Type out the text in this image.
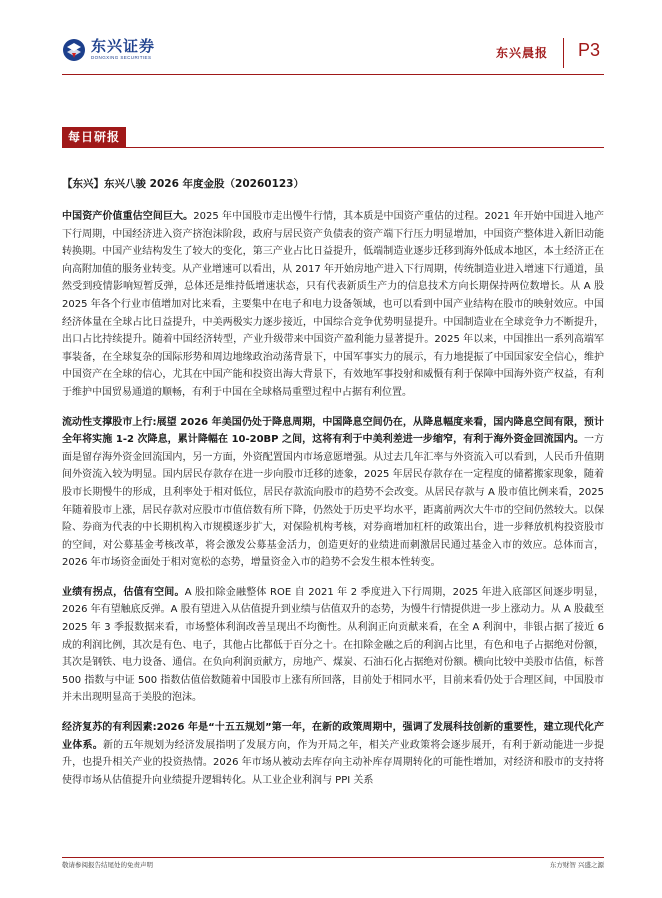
东兴证券
DONGXING SECURITIES	东兴晨报 P3
每日研报
【东兴】东兴八骏 2026 年度金股（20260123）

中国资产价值重估空间巨大。2025 年中国股市走出慢牛行情，其本质是中国资产重估的过程。2021 年开始中国进入地产下行周期，中国经济进入资产挤泡沫阶段，政府与居民资产负债表的资产端下行压力明显增加，中国资产整体进入新旧动能转换期。中国产业结构发生了较大的变化，第三产业占比日益提升，低端制造业逐步迁移到海外低成本地区，本土经济正在向高附加值的服务业转变。从产业增速可以看出，从 2017 年开始房地产进入下行周期，传统制造业进入增速下行通道，虽然受到疫情影响短暂反弹，总体还是维持低增速状态，只有代表新质生产力的信息技术方向长期保持两位数增长。从 A 股 2025 年各个行业市值增加对比来看，主要集中在电子和电力设备领域，也可以看到中国产业结构在股市的映射效应。中国经济体量在全球占比日益提升，中美两极实力逐步接近，中国综合竞争优势明显提升。中国制造业在全球竞争力不断提升，出口占比持续提升。随着中国经济转型，产业升级带来中国资产盈利能力显著提升。2025 年以来，中国推出一系列高端军事装备，在全球复杂的国际形势和周边地缘政治动荡背景下，中国军事实力的展示，有力地提振了中国国家安全信心，维护中国资产在全球的信心，尤其在中国产能和投资出海大背景下，有效地军事投射和威慑有利于保障中国海外资产权益，有利于维护中国贸易通道的顺畅，有利于中国在全球格局重塑过程中占据有利位置。

流动性支撑股市上行:展望 2026 年美国仍处于降息周期，中国降息空间仍在，从降息幅度来看，国内降息空间有限，预计全年将实施 1-2 次降息，累计降幅在 10-20BP 之间，这将有利于中美利差进一步缩窄，有利于海外资金回流国内。一方面是留存海外资金回流国内，另一方面，外资配置国内市场意愿增强。从过去几年汇率与外资流入可以看到，人民币升值期间外资流入较为明显。国内居民存款存在进一步向股市迁移的迹象，2025 年居民存款存在一定程度的储蓄搬家现象，随着股市长期慢牛的形成，且利率处于相对低位，居民存款流向股市的趋势不会改变。从居民存款与 A 股市值比例来看，2025 年随着股市上涨，居民存款对应股市市值倍数有所下降，仍然处于历史平均水平，距离前两次大牛市的空间仍然较大。以保险、券商为代表的中长期机构入市规模逐步扩大，对保险机构考核，对券商增加杠杆的政策出台，进一步释放机构投资股市的空间，对公募基金考核改革，将会激发公募基金活力，创造更好的业绩进而刺激居民通过基金入市的效应。总体而言，2026 年市场资金面处于相对宽松的态势，增量资金入市的趋势不会发生根本性转变。

业绩有拐点，估值有空间。A 股扣除金融整体 ROE 自 2021 年 2 季度进入下行周期，2025 年进入底部区间逐步明显，2026 年有望触底反弹。A 股有望进入从估值提升到业绩与估值双升的态势，为慢牛行情提供进一步上涨动力。从 A 股截至 2025 年 3 季报数据来看，市场整体利润改善呈现出不均衡性。从利润正向贡献来看，在全 A 利润中，非银占据了接近 6 成的利润比例，其次是有色、电子，其他占比都低于百分之十。在扣除金融之后的利润占比里，有色和电子占据绝对份额，其次是钢铁、电力设备、通信。在负向利润贡献方，房地产、煤炭、石油石化占据绝对份额。横向比较中美股市估值，标普 500 指数与中证 500 指数估值倍数随着中国股市上涨有所回落，目前处于相同水平，目前来看仍处于合理区间，中国股市并未出现明显高于美股的泡沫。

经济复苏的有利因素:2026 年是“十五五规划”第一年，在新的政策周期中，强调了发展科技创新的重要性，建立现代化产业体系。新的五年规划为经济发展指明了发展方向，作为开局之年，相关产业政策将会逐步展开，有利于新动能进一步提升，也提升相关产业的投资热情。2026 年市场从被动去库存向主动补库存周期转化的可能性增加，对经济和股市的支持将使得市场从估值提升向业绩提升逻辑转化。从工业企业利润与 PPI 关系

敬请参阅报告结尾处的免责声明	东方财智 兴盛之源
